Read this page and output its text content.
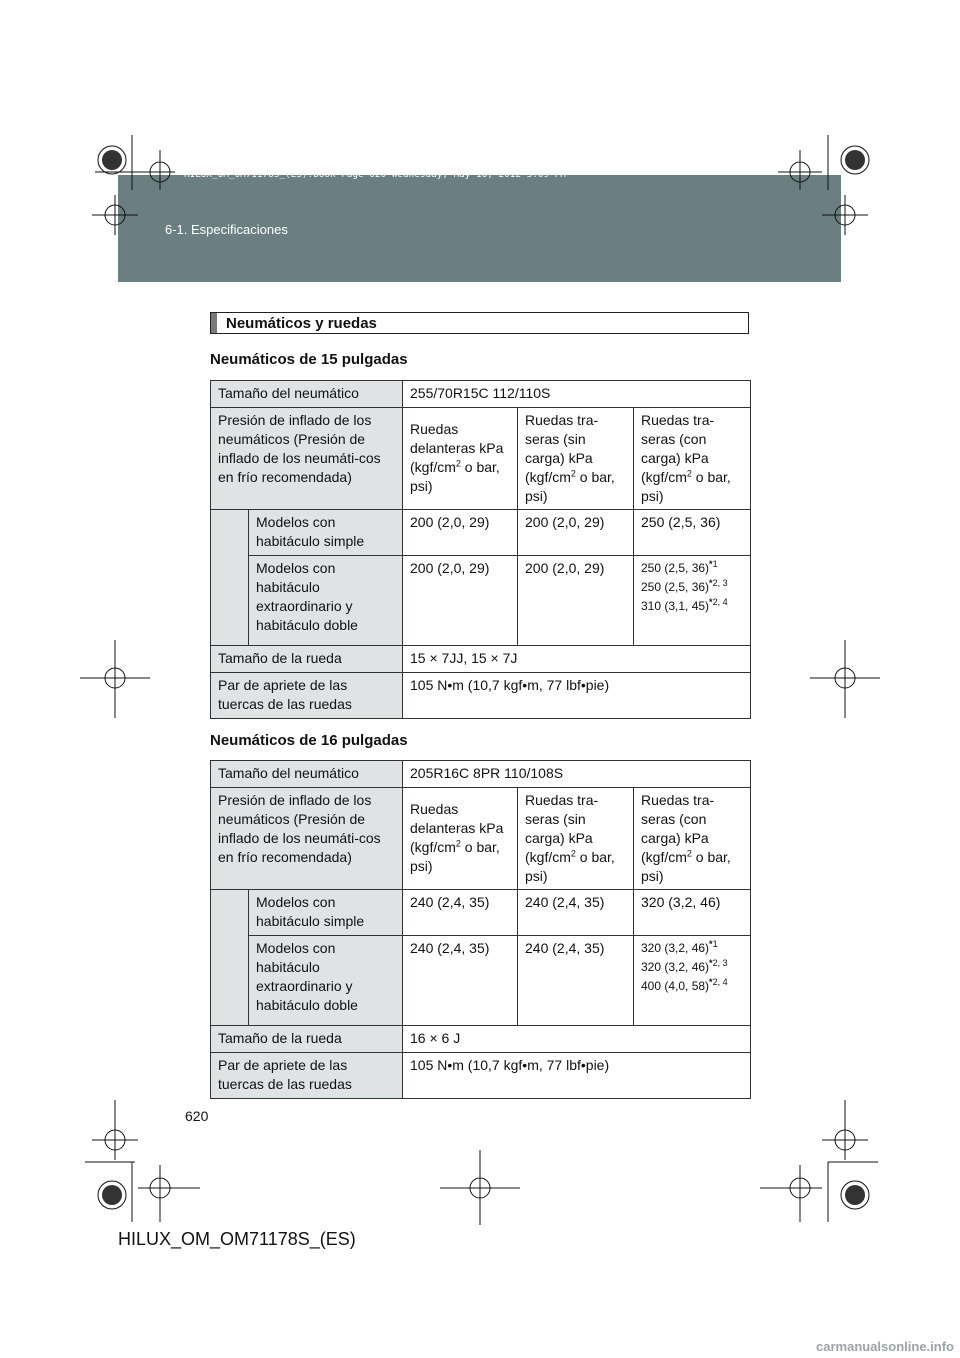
HILUX_OM_OM71178S_(ES).book Page 620 Wednesday, May 16, 2012 3:09 PM
6-1. Especificaciones
Neumáticos y ruedas
Neumáticos de 15 pulgadas
Tamaño del neumático		255/70R15C 112/110S		
Presión de inflado de los neumáticos (Presión de inflado de los neumáti-cos en frío recomendada)		Ruedas delanteras kPa ($kgf/cm^2$ o bar, psi)	Ruedas tra-seras (sin carga) kPa ($kgf/cm^2$ o bar, psi)	Ruedas tra-seras (con carga) kPa ($kgf/cm^2$ o bar, psi)
	Modelos con habitáculo simple	200 (2,0, 29)	200 (2,0, 29)	250 (2,5, 36)
	Modelos con habitáculo extraordinario y habitáculo doble	200 (2,0, 29)	200 (2,0, 29)	250 (2,5, 36)$^{*1}$
250 (2,5, 36)$^{*2, 3}$
310 (3,1, 45)$^{*2, 4}$

Tamaño de la rueda		15 × 7JJ, 15 × 7J		
Par de apriete de las tuercas de las ruedas		105 N•m (10,7 kgf•m, 77 lbf•pie)		
Neumáticos de 16 pulgadas
Tamaño del neumático		205R16C 8PR 110/108S		
Presión de inflado de los neumáticos (Presión de inflado de los neumáti-cos en frío recomendada)		Ruedas delanteras kPa ($kgf/cm^2$ o bar, psi)	Ruedas tra-seras (sin carga) kPa ($kgf/cm^2$ o bar, psi)	Ruedas tra-seras (con carga) kPa ($kgf/cm^2$ o bar, psi)
	Modelos con habitáculo simple	240 (2,4, 35)	240 (2,4, 35)	320 (3,2, 46)
	Modelos con habitáculo extraordinario y habitáculo doble	240 (2,4, 35)	240 (2,4, 35)	320 (3,2, 46)$^{*1}$
320 (3,2, 46)$^{*2, 3}$
400 (4,0, 58)$^{*2, 4}$

Tamaño de la rueda		16 × 6 J		
Par de apriete de las tuercas de las ruedas		105 N•m (10,7 kgf•m, 77 lbf•pie)		
620
HILUX_OM_OM71178S_(ES)
carmanualsonline.info
